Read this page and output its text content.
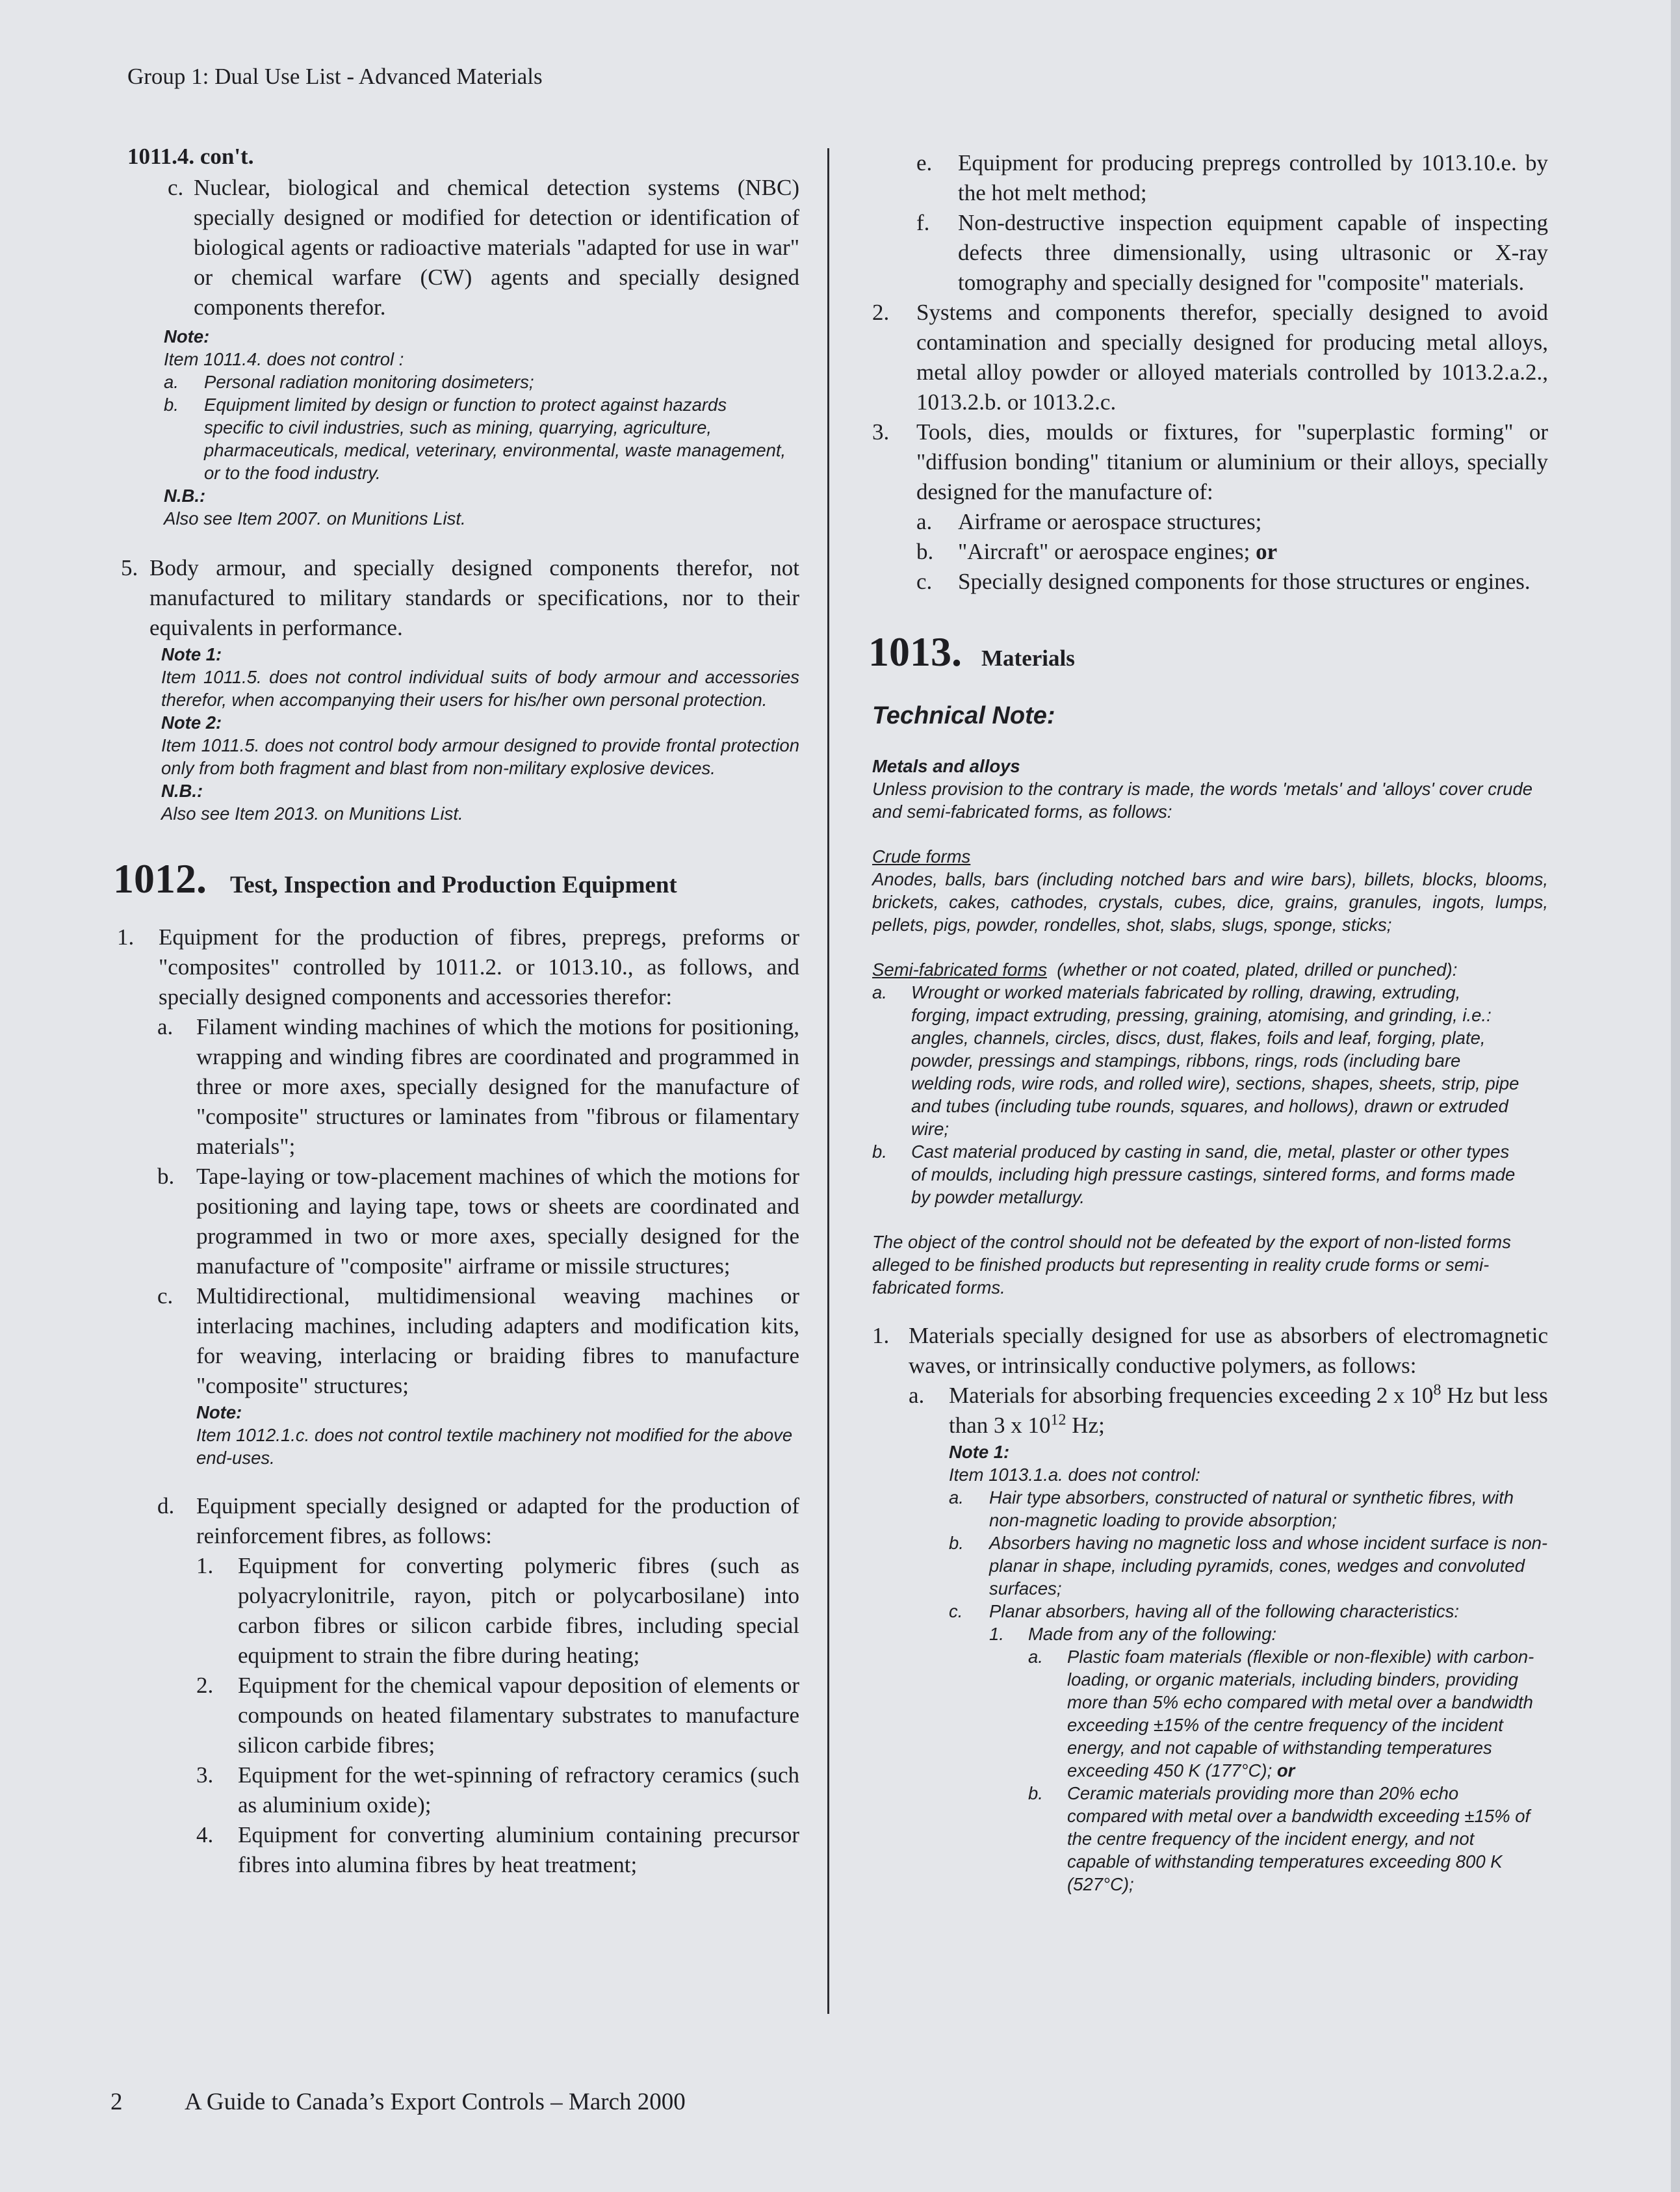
Group 1: Dual Use List - Advanced Materials
1011.4. con't.
c. Nuclear, biological and chemical detection systems (NBC) specially designed or modified for detection or identification of biological agents or radioactive materials "adapted for use in war" or chemical warfare (CW) agents and specially designed components therefor.
Note:
Item 1011.4. does not control :
a.	Personal radiation monitoring dosimeters;
b.	Equipment limited by design or function to protect against hazards specific to civil industries, such as mining, quarrying, agriculture, pharmaceuticals, medical, veterinary, environmental, waste management, or to the food industry.
N.B.:
Also see Item 2007. on Munitions List.
5. Body armour, and specially designed components therefor, not manufactured to military standards or specifications, nor to their equivalents in performance.
Note 1:
Item 1011.5. does not control individual suits of body armour and accessories therefor, when accompanying their users for his/her own personal protection.
Note 2:
Item 1011.5. does not control body armour designed to provide frontal protection only from both fragment and blast from non-military explosive devices.
N.B.:
Also see Item 2013. on Munitions List.
1012. Test, Inspection and Production Equipment
1.	Equipment for the production of fibres, prepregs, preforms or "composites" controlled by 1011.2. or 1013.10., as follows, and specially designed components and accessories therefor:
a.	Filament winding machines of which the motions for positioning, wrapping and winding fibres are coordinated and programmed in three or more axes, specially designed for the manufacture of "composite" structures or laminates from "fibrous or filamentary materials";
b. Tape-laying or tow-placement machines of which the motions for positioning and laying tape, tows or sheets are coordinated and programmed in two or more axes, specially designed for the manufacture of "composite" airframe or missile structures;
c.	Multidirectional, multidimensional weaving machines or interlacing machines, including adapters and modification kits, for weaving, interlacing or braiding fibres to manufacture "composite" structures;
Note:
Item 1012.1.c. does not control textile machinery not modified for the above end-uses.
d. Equipment specially designed or adapted for the production of reinforcement fibres, as follows:
1.	Equipment for converting polymeric fibres (such as polyacrylonitrile, rayon, pitch or polycarbosilane) into carbon fibres or silicon carbide fibres, including special equipment to strain the fibre during heating;
2.	Equipment for the chemical vapour deposition of elements or compounds on heated filamentary substrates to manufacture silicon carbide fibres;
3.	Equipment for the wet-spinning of refractory ceramics (such as aluminium oxide);
4.	Equipment for converting aluminium containing precursor fibres into alumina fibres by heat treatment;
e.	Equipment for producing prepregs controlled by 1013.10.e. by the hot melt method;
f.	Non-destructive inspection equipment capable of inspecting defects three dimensionally, using ultrasonic or X-ray tomography and specially designed for "composite" materials.
2.	Systems and components therefor, specially designed to avoid contamination and specially designed for producing metal alloys, metal alloy powder or alloyed materials controlled by 1013.2.a.2., 1013.2.b. or 1013.2.c.
3.	Tools, dies, moulds or fixtures, for "superplastic forming" or "diffusion bonding" titanium or aluminium or their alloys, specially designed for the manufacture of:
a.	Airframe or aerospace structures;
b.	"Aircraft" or aerospace engines; or
c.	Specially designed components for those structures or engines.
1013. Materials
Technical Note:
Metals and alloys
Unless provision to the contrary is made, the words 'metals' and 'alloys' cover crude and semi-fabricated forms, as follows:
Crude forms
Anodes, balls, bars (including notched bars and wire bars), billets, blocks, blooms, brickets, cakes, cathodes, crystals, cubes, dice, grains, granules, ingots, lumps, pellets, pigs, powder, rondelles, shot, slabs, slugs, sponge, sticks;
Semi-fabricated forms (whether or not coated, plated, drilled or punched):
a.	Wrought or worked materials fabricated by rolling, drawing, extruding, forging, impact extruding, pressing, graining, atomising, and grinding, i.e.: angles, channels, circles, discs, dust, flakes, foils and leaf, forging, plate, powder, pressings and stampings, ribbons, rings, rods (including bare welding rods, wire rods, and rolled wire), sections, shapes, sheets, strip, pipe and tubes (including tube rounds, squares, and hollows), drawn or extruded wire;
b.	Cast material produced by casting in sand, die, metal, plaster or other types of moulds, including high pressure castings, sintered forms, and forms made by powder metallurgy.
The object of the control should not be defeated by the export of non-listed forms alleged to be finished products but representing in reality crude forms or semi-fabricated forms.
1. Materials specially designed for use as absorbers of electromagnetic waves, or intrinsically conductive polymers, as follows:
a.	Materials for absorbing frequencies exceeding 2 x $10^8$ Hz but less than 3 x $10^{12}$ Hz;
Note 1:
Item 1013.1.a. does not control:
a.	Hair type absorbers, constructed of natural or synthetic fibres, with non-magnetic loading to provide absorption;
b.	Absorbers having no magnetic loss and whose incident surface is non-planar in shape, including pyramids, cones, wedges and convoluted surfaces;
c.	Planar absorbers, having all of the following characteristics:
1.	Made from any of the following:
a.	Plastic foam materials (flexible or non-flexible) with carbon-loading, or organic materials, including binders, providing more than 5% echo compared with metal over a bandwidth exceeding ±15% of the centre frequency of the incident energy, and not capable of withstanding temperatures exceeding 450 K (177°C); or
b.	Ceramic materials providing more than 20% echo compared with metal over a bandwidth exceeding ±15% of the centre frequency of the incident energy, and not capable of withstanding temperatures exceeding 800 K (527°C);
2	A Guide to Canada’s Export Controls – March 2000
